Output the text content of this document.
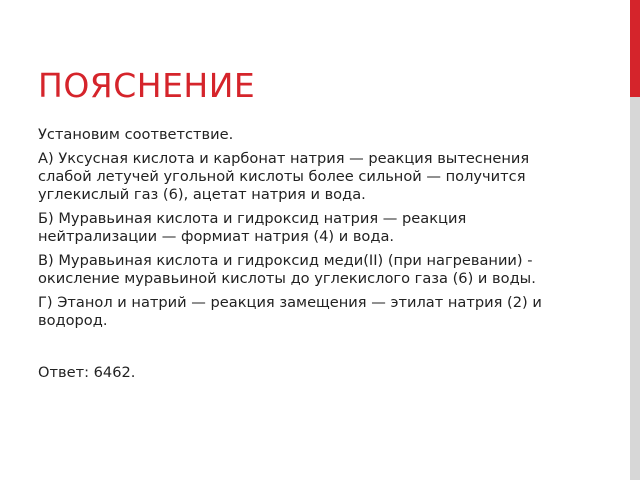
ПОЯСНЕНИЕ

Установим соответствие.

А) Уксусная кислота и карбонат натрия — реакция вытеснения слабой летучей угольной кислоты более сильной — получится углекислый газ (6), ацетат натрия и вода.

Б) Муравьиная кислота и гидроксид натрия — реакция нейтрализации — формиат натрия (4) и вода.

В) Муравьиная кислота и гидроксид меди(II) (при нагревании) - окисление муравьиной кислоты до углекислого газа (6) и воды.

Г) Этанол и натрий — реакция замещения — этилат натрия (2) и водород.

Ответ: 6462.
